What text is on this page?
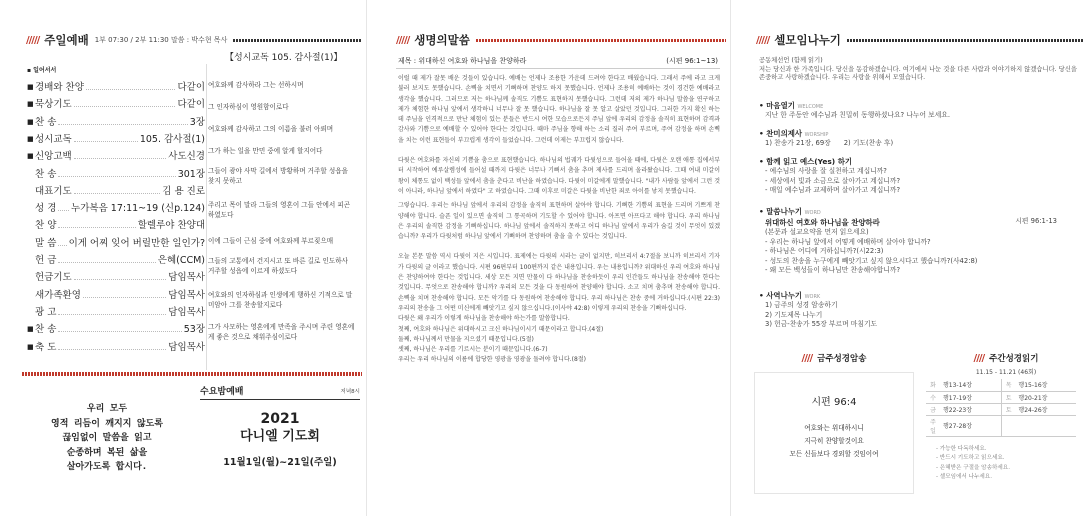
///// 주일예배 1부 07:30 / 2부 11:30 말씀 : 박수현 목사
【성시교독 105. 감사절(1)】
▪ 일어서서
■ 경배와 찬양	다같이
■ 묵상기도	다같이
■ 찬 송	3장
■ 성시교독	105. 감사절(1)
■ 신앙고백	사도신경
찬 송	301장
대표기도	김 용 진로
성 경 누가복음 17:11~19 (신p.124)
찬 양	할렐루야 찬양대
말 씀 이게 어찌 잊어 버릴만한 일인가?
헌 금	은혜(CCM)
헌금기도	담임목사
새가족환영	담임목사
광 고	담임목사
■ 찬 송	53장
■ 축 도	담임목사
여호와께 감사하라 그는 선하시며
그 인자하심이 영원함이로다
여호와께 감사하고 그의 이름을 불러 아뢰며
그가 하는 일을 만민 중에 알게 할지어다
그들이 광야 사막 길에서 방황하며 거주할 성읍을 찾지 못하고
주리고 목이 말라 그들의 영혼이 그들 안에서 피곤하였도다
이에 그들이 근심 중에 여호와께 부르짖으매
그들의 고통에서 건지시고 또 바른 길로 인도하사 거주할 성읍에 이르게 하셨도다
여호와의 인자하심과 인생에게 행하신 기적으로 말미암아 그를 찬송할지로다
그가 사모하는 영혼에게 만족을 주시며 주린 영혼에게 좋은 것으로 채워주심이로다
수요밤예배	저녁8시
우리 모두
영적 리듬이 깨지지 않도록
끊임없이 말씀을 읽고
순종하며 복된 삶을
살아가도록 합시다.
2021
다니엘 기도회
11월1일(월)~21일(주일)
///// 생명의말씀
제목 : 위대하신 여호와 하나님을 찬양하라	(시편 96:1~13)

이럴 때 제가 잘못 배운 것들이 있습니다. 예배는 언제나 조용한 가운데 드려야 한다고 배웠습니다. 그래서 주에 라고 크게 불러 보지도 못했습니다. 손뼉을 치면서 기뻐하며 찬양도 하지 못했습니다. 언제나 조용히 예배하는 것이 경건한 예배라고 생각을 했습니다. 그러므로 저는 하나님께 솔직도 기쁨도 표현하지 못했습니다. 그런데 저의 제가 하나님 말씀을 연구하고 제가 체험한 하나님 앞에서 생각하니 너무나 잘 못 했습니다. 하나님을 잘 못 알고 살았던 것입니다. 그러한 가지 확신 하는데 주님을 인격적으로 만난 체험이 있는 분들은 반드시 여한 모습으로든지 주님 앞에 우리의 감정을 솔직히 표현하며 감격과 감사와 기쁨으로 예배할 수 있어야 한다는 것입니다. 때마 주님을 향해 하는 소리 질러 주여 부르며, 주여 감정을 하며 손뼉을 치는 이런 표현들이 부끄럽게 생각이 들었습니다. 그런데 이제는 부끄럽지 않습니다.

다윗은 여호와를 자신의 기쁨을 춤으로 표현했습니다. 하나님의 법궤가 다윗성으로 들어올 때에, 다윗은 오랜 애통 집에서부터 시작하여 예루살렘성에 들어설 때까지 다윗은 너무나 기뻐서 춤을 추며 제사를 드리며 올라왔습니다. 그때 여내 미갈이 왕이 체통도 없이 백성들 앞에서 춤을 춘다고 비난을 하였습니다. 다윗이 미갈에게 말했습니다. "내가 사람들 앞에서 그런 것이 아니라, 하나님 앞에서 하였다" 고 하였습니다. 그때 이후로 미갈은 다윗을 비난한 죄로 아이를 낳지 못했습니다.

그렇습니다. 우리는 하나님 앞에서 우리의 감정을 솔직히 표현하며 살아야 합니다. 기뻐한 기쁨의 표현을 드리며 기쁘게 찬양해야 합니다. 슬픈 일이 있으면 솔직히 그 통곡하며 기도할 수 있어야 합니다. 아프면 아프다고 해야 합니다. 우리 하나님은 우리의 솔직한 감정을 기뻐하십니다. 하나님 앞에서 솔직하지 못하고 어디 하나님 앞에서 우리가 숨길 것이 무엇이 있겠습니까? 우리가 다윗처럼 하나님 앞에서 기뻐하며 찬양하며 춤을 출 수 있다는 것입니다.

오늘 본문 말씀 역시 다윗이 지은 시입니다. 표제에는 다윗의 시라는 글이 없지만, 히브리서 4:7절을 보니까 히브리서 기자가 다윗의 글 이라고 했습니다. 시편 96편부터 100편까지 같은 내용입니다. 우는 내용입니까? 위대하신 우리 여호와 하나님은 찬양하여야 한다는 것입니다. 세상 모든 지면 만물이 다 하나님을 찬송하듯이 우리 인간들도 하나님을 찬송해야 한다는 것입니다. 무엇으로 찬송해야 합니까? 우리의 모든 것을 다 동원하여 찬양해야 합니다. 소고 치며 춤추며 찬송해야 합니다. 손뼉을 치며 찬송해야 합니다. 모든 악기를 다 동원하여 찬송해야 합니다. 우리 하나님은 찬송 중에 거하십니다.(시편 22:3) 우리의 찬송을 그 어떤 미신에게 빼앗기고 싶지 않으십니다.(이사야 42:8) 이렇게 우리의 찬송을 기뻐하십니다.

다윗은 왜 우리가 이렇게 하나님을 찬송해야 하는가를 말씀합니다.

첫째, 여호와 하나님은 위대하시고 크신 하나님이시기 때문이라고 합니다.(4절)

둘째, 하나님께서 만물을 지으셨기 때문입니다.(5절)

셋째, 하나님은 우리를 기르시는 분이기 때문입니다.(6-7)

우리는 우리 하나님의 이름에 합당한 영광을 영광을 돌려야 합니다.(8절)

///// 셀모임나누기
공동체선언 (함께 읽기)
저는 당신과 한 가족입니다. 당신을 동감하겠습니다. 여기에서 나눈 것을 다른 사람과 이야기하지 않겠습니다. 당신을 존중하고 사랑하겠습니다. 우리는 사랑을 위해서 모였습니다.
• 마음열기 WELCOME
지난 한 주동안 예수님과 친밀히 동행하셨나요? 나누어 보세요.
• 찬미의제사 WORSHIP
1) 찬송가 21장, 69장      2) 기도(찬송 후)
• 함께 읽고 예스(Yes) 하기
- 예수님의 사랑을 잘 실천하고 계십니까?
- 세상에서 빛과 소금으로 살아가고 계십니까?
- 매일 예수님과 교제하며 살아가고 계십니까?
• 말씀나누기 WORD
위대하신 여호와 하나님을 찬양하라	시편 96:1-13
(본문과 설교요약을 먼저 읽으세요)
- 우리는 하나님 앞에서 어떻게 예배하며 살아야 합니까?
- 하나님은 어디에 거하십니까?(시22:3)
- 성도의 찬송을 누구에게 빼앗기고 싶지 않으시다고 했습니까?(사42:8)
- 왜 모든 백성들이 하나님만 찬송해야합니까?
• 사역나누기 WORK
1) 금주의 성경 암송하기
2) 기도제목 나누기
3) 헌금-찬송가 55장 부르며 마침기도
//// 금주성경암송
시편 96:4
여호와는 위대하시니
지극히 찬양할것이요
모든 신들보다 경외할 것임이여
//// 주간성경읽기
11.15 - 11.21 (46회)
화	행13-14장	목	행15-16장
수	행17-19장	토	행20-21장
금	행22-23장	토	행24-26장
주일	행27-28장		
- 가능한 다독하세요.
- 반드시 기도하고 읽으세요.
- 은혜받은 구절을 암송하세요.
- 셀모임에서 나누세요.
